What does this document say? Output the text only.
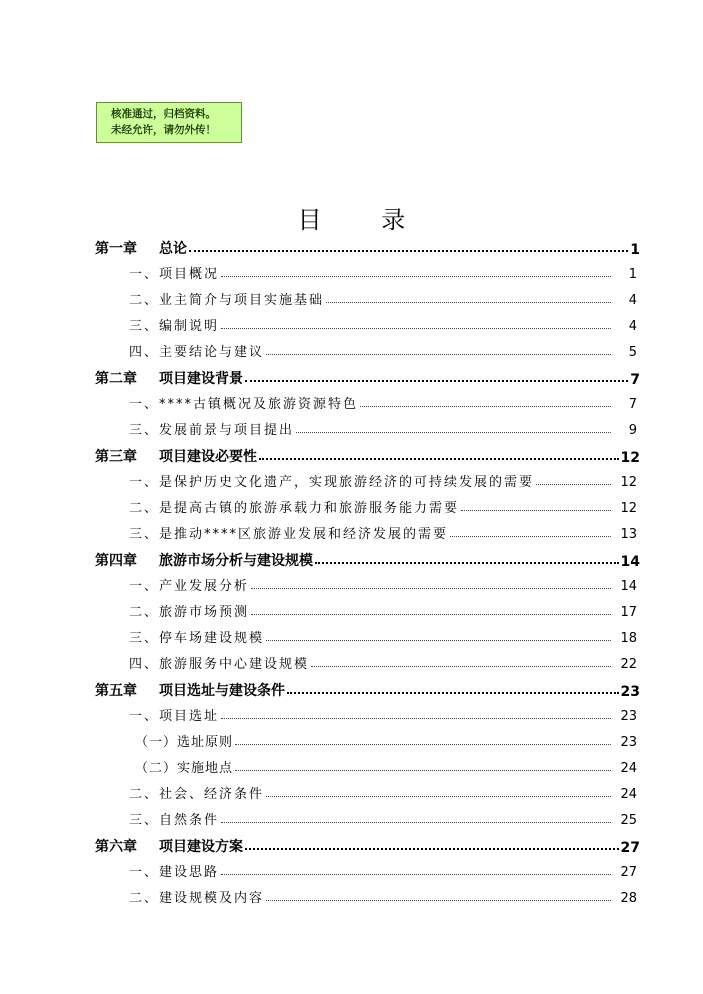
核准通过，归档资料。
未经允许，请勿外传！
目 录
第一章 总论	1
一、项目概况	1
二、业主简介与项目实施基础	4
三、编制说明	4
四、主要结论与建议	5
第二章 项目建设背景	7
一、****古镇概况及旅游资源特色	7
三、发展前景与项目提出	9
第三章 项目建设必要性	12
一、是保护历史文化遗产，实现旅游经济的可持续发展的需要	12
二、是提高古镇的旅游承载力和旅游服务能力需要	12
三、是推动****区旅游业发展和经济发展的需要	13
第四章 旅游市场分析与建设规模	14
一、产业发展分析	14
二、旅游市场预测	17
三、停车场建设规模	18
四、旅游服务中心建设规模	22
第五章 项目选址与建设条件	23
一、项目选址	23
（一）选址原则	23
（二）实施地点	24
二、社会、经济条件	24
三、自然条件	25
第六章 项目建设方案	27
一、建设思路	27
二、建设规模及内容	28
